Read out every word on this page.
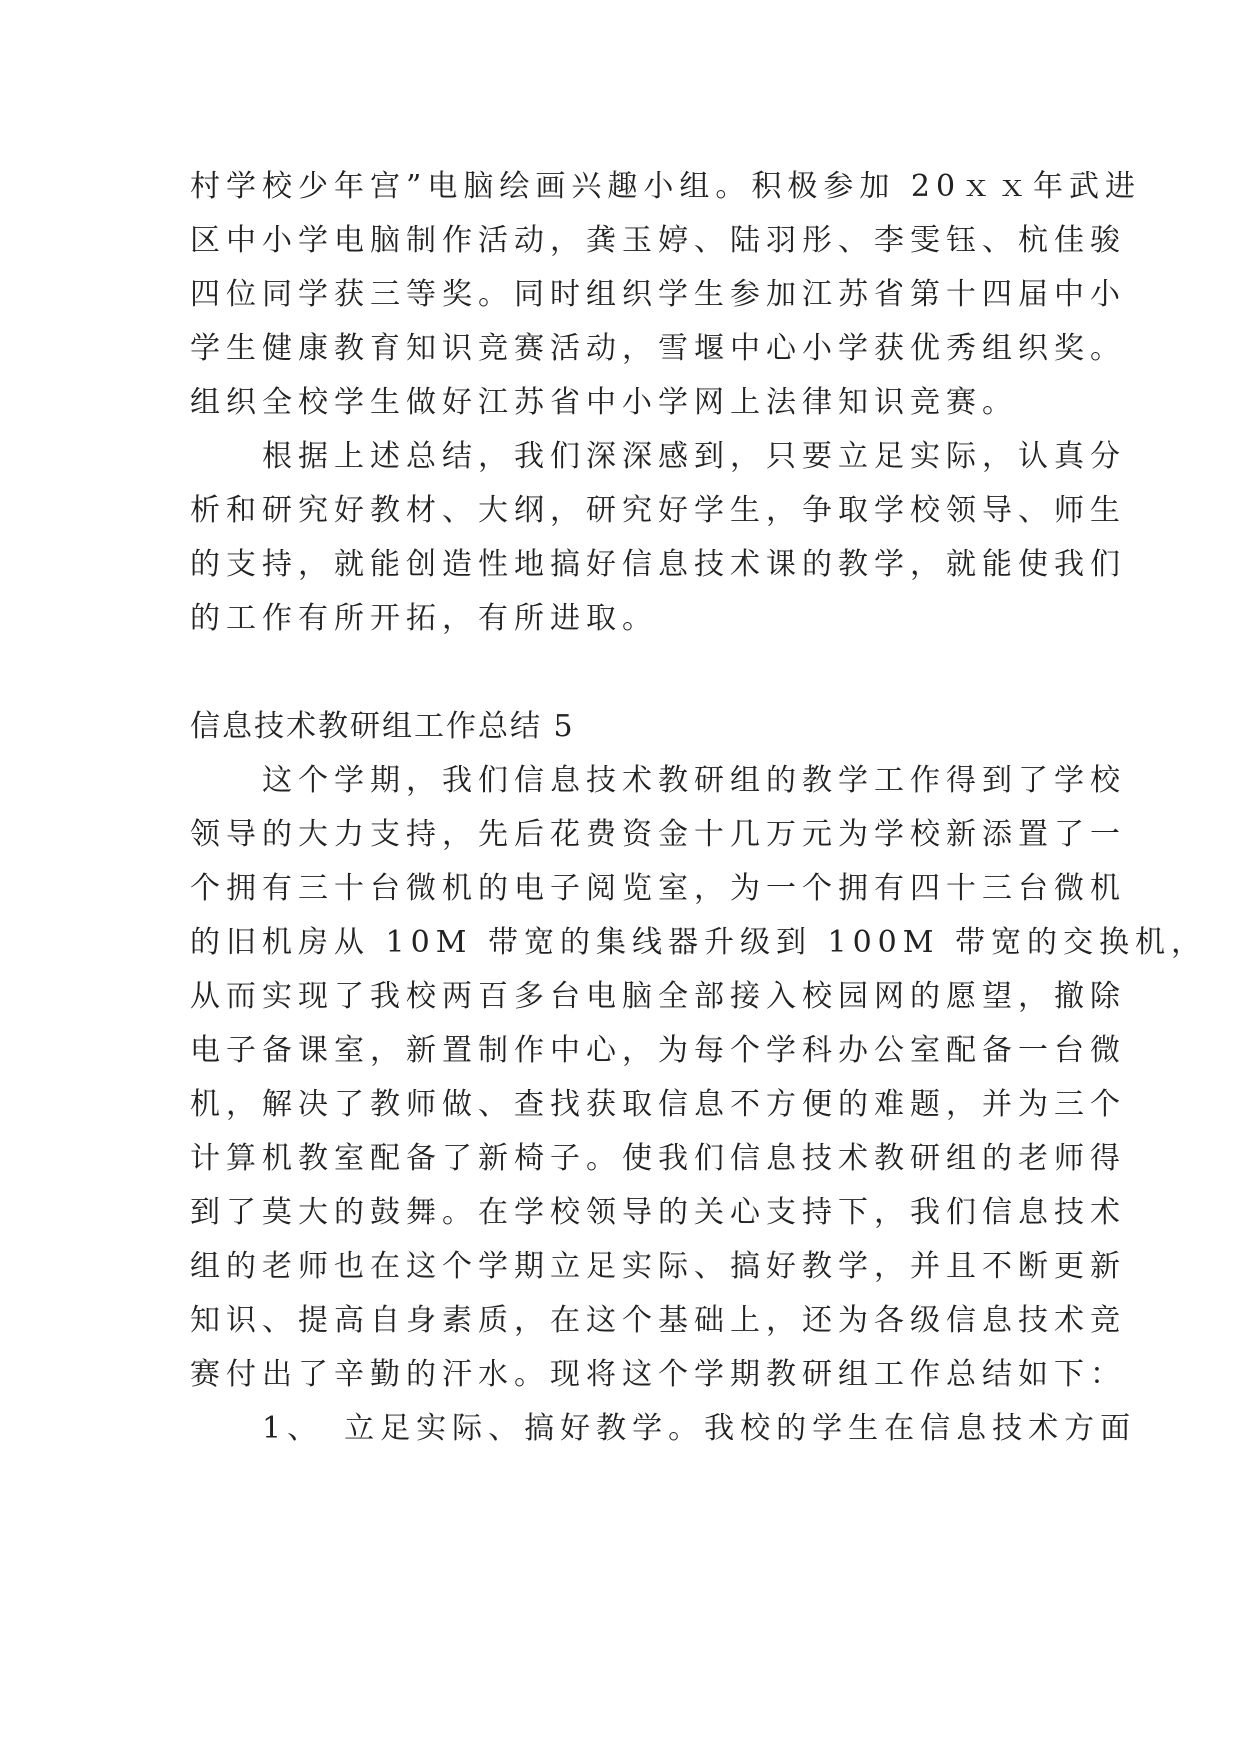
村学校少年宫”电脑绘画兴趣小组。积极参加 20ｘｘ年武进
区中小学电脑制作活动，龚玉婷、陆羽彤、李雯钰、杭佳骏
四位同学获三等奖。同时组织学生参加江苏省第十四届中小
学生健康教育知识竞赛活动，雪堰中心小学获优秀组织奖。
组织全校学生做好江苏省中小学网上法律知识竞赛。
　　根据上述总结，我们深深感到，只要立足实际，认真分
析和研究好教材、大纲，研究好学生，争取学校领导、师生
的支持，就能创造性地搞好信息技术课的教学，就能使我们
的工作有所开拓，有所进取。
信息技术教研组工作总结 5
　　这个学期，我们信息技术教研组的教学工作得到了学校
领导的大力支持，先后花费资金十几万元为学校新添置了一
个拥有三十台微机的电子阅览室，为一个拥有四十三台微机
的旧机房从 10M 带宽的集线器升级到 100M 带宽的交换机，
从而实现了我校两百多台电脑全部接入校园网的愿望，撤除
电子备课室，新置制作中心，为每个学科办公室配备一台微
机，解决了教师做、查找获取信息不方便的难题，并为三个
计算机教室配备了新椅子。使我们信息技术教研组的老师得
到了莫大的鼓舞。在学校领导的关心支持下，我们信息技术
组的老师也在这个学期立足实际、搞好教学，并且不断更新
知识、提高自身素质，在这个基础上，还为各级信息技术竞
赛付出了辛勤的汗水。现将这个学期教研组工作总结如下：
　　1、　立足实际、搞好教学。我校的学生在信息技术方面
